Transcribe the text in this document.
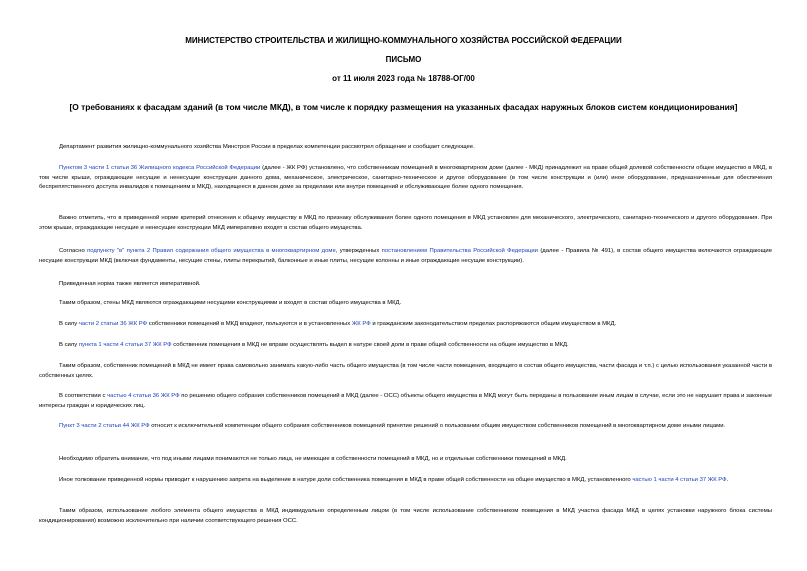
МИНИСТЕРСТВО СТРОИТЕЛЬСТВА И ЖИЛИЩНО-КОММУНАЛЬНОГО ХОЗЯЙСТВА РОССИЙСКОЙ ФЕДЕРАЦИИ
ПИСЬМО
от 11 июля 2023 года № 18788-ОГ/00
[О требованиях к фасадам зданий (в том числе МКД), в том числе к порядку размещения на указанных фасадах наружных блоков систем кондиционирования]

Департамент развития жилищно-коммунального хозяйства Минстроя России в пределах компетенции рассмотрел обращение и сообщает следующее.

Пунктом 3 части 1 статьи 36 Жилищного кодекса Российской Федерации (далее - ЖК РФ) установлено, что собственникам помещений в многоквартирном доме (далее - МКД) принадлежит на праве общей долевой собственности общее имущество в МКД, в том числе крыши, ограждающие несущие и ненесущие конструкции данного дома, механическое, электрическое, санитарно-техническое и другое оборудование (в том числе конструкции и (или) иное оборудование, предназначенные для обеспечения беспрепятственного доступа инвалидов к помещениям в МКД), находящееся в данном доме за пределами или внутри помещений и обслуживающее более одного помещения.

Важно отметить, что в приведенной норме критерий отнесения к общему имуществу в МКД по признаку обслуживания более одного помещения в МКД установлен для механического, электрического, санитарно-технического и другого оборудования. При этом крыши, ограждающие несущие и ненесущие конструкции МКД императивно входят в состав общего имущества.

Согласно подпункту "в" пункта 2 Правил содержания общего имущества в многоквартирном доме, утвержденных постановлением Правительства Российской Федерации (далее - Правила № 491), в состав общего имущества включаются ограждающие несущие конструкции МКД (включая фундаменты, несущие стены, плиты перекрытий, балконные и иные плиты, несущие колонны и иные ограждающие несущие конструкции).

Приведенная норма также является императивной.

Таким образом, стены МКД являются ограждающими несущими конструкциями и входят в состав общего имущества в МКД.

В силу части 2 статьи 36 ЖК РФ собственники помещений в МКД владеют, пользуются и в установленных ЖК РФ и гражданским законодательством пределах распоряжаются общим имуществом в МКД.

В силу пункта 1 части 4 статьи 37 ЖК РФ собственник помещения в МКД не вправе осуществлять выдел в натуре своей доли в праве общей собственности на общее имущество в МКД.

Таким образом, собственник помещений в МКД не имеет права самовольно занимать какую-либо часть общего имущества (в том числе части помещения, входящего в состав общего имущества, части фасада и т.п.) с целью использования указанной части в собственных целях.

В соответствии с частью 4 статьи 36 ЖК РФ по решению общего собрания собственников помещений в МКД (далее - ОСС) объекты общего имущества в МКД могут быть переданы в пользование иным лицам в случае, если это не нарушает права и законные интересы граждан и юридических лиц.

Пункт 3 части 2 статьи 44 ЖК РФ относит к исключительной компетенции общего собрания собственников помещений принятие решений о пользовании общим имуществом собственников помещений в многоквартирном доме иными лицами.

Необходимо обратить внимание, что под иными лицами понимаются не только лица, не имеющие в собственности помещений в МКД, но и отдельные собственники помещений в МКД.

Иное толкование приведенной нормы приводит к нарушению запрета на выделение в натуре доли собственника помещения в МКД в праве общей собственности на общее имущество в МКД, установленного частью 1 части 4 статьи 37 ЖК РФ.

Таким образом, использование любого элемента общего имущества в МКД индивидуально определенным лицом (в том числе использование собственником помещения в МКД участка фасада МКД в целях установки наружного блока системы кондиционирования) возможно исключительно при наличии соответствующего решения ОСС.
